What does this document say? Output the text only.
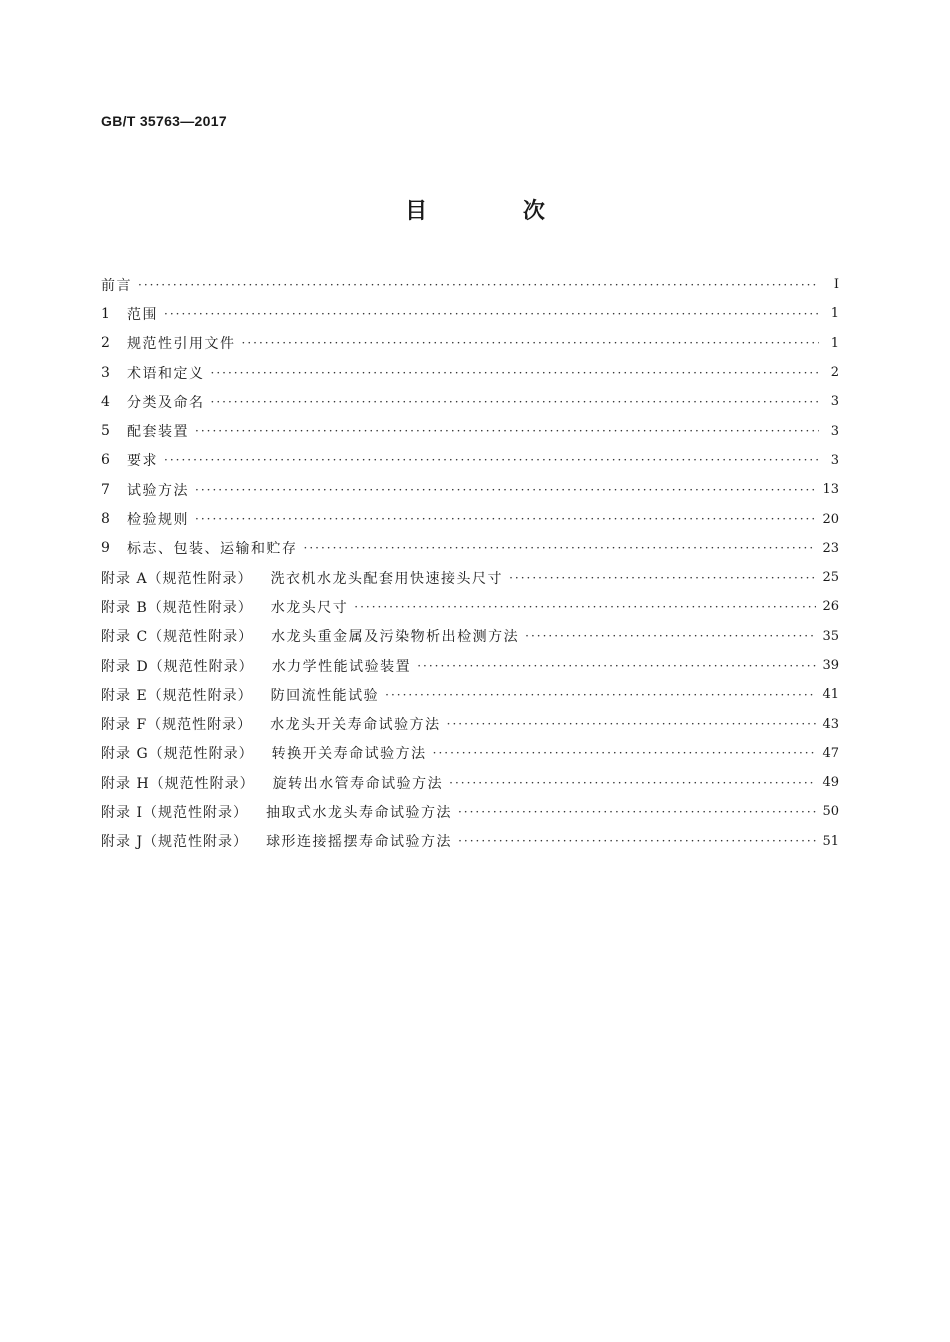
GB/T 35763—2017
目 次
前言 ·····	Ⅰ
1	范围 ·····	1
2	规范性引用文件 ·····	1
3	术语和定义 ·····	2
4	分类及命名 ·····	3
5	配套装置 ·····	3
6	要求 ·····	3
7	试验方法 ·····	13
8	检验规则 ·····	20
9	标志、包装、运输和贮存 ·····	23
附录 A（规范性附录） 洗衣机水龙头配套用快速接头尺寸 ·····	25
附录 B（规范性附录） 水龙头尺寸 ·····	26
附录 C（规范性附录） 水龙头重金属及污染物析出检测方法 ·····	35
附录 D（规范性附录） 水力学性能试验装置 ·····	39
附录 E（规范性附录） 防回流性能试验 ·····	41
附录 F（规范性附录） 水龙头开关寿命试验方法 ·····	43
附录 G（规范性附录） 转换开关寿命试验方法 ·····	47
附录 H（规范性附录） 旋转出水管寿命试验方法 ·····	49
附录 I（规范性附录） 抽取式水龙头寿命试验方法 ·····	50
附录 J（规范性附录） 球形连接摇摆寿命试验方法 ·····	51
